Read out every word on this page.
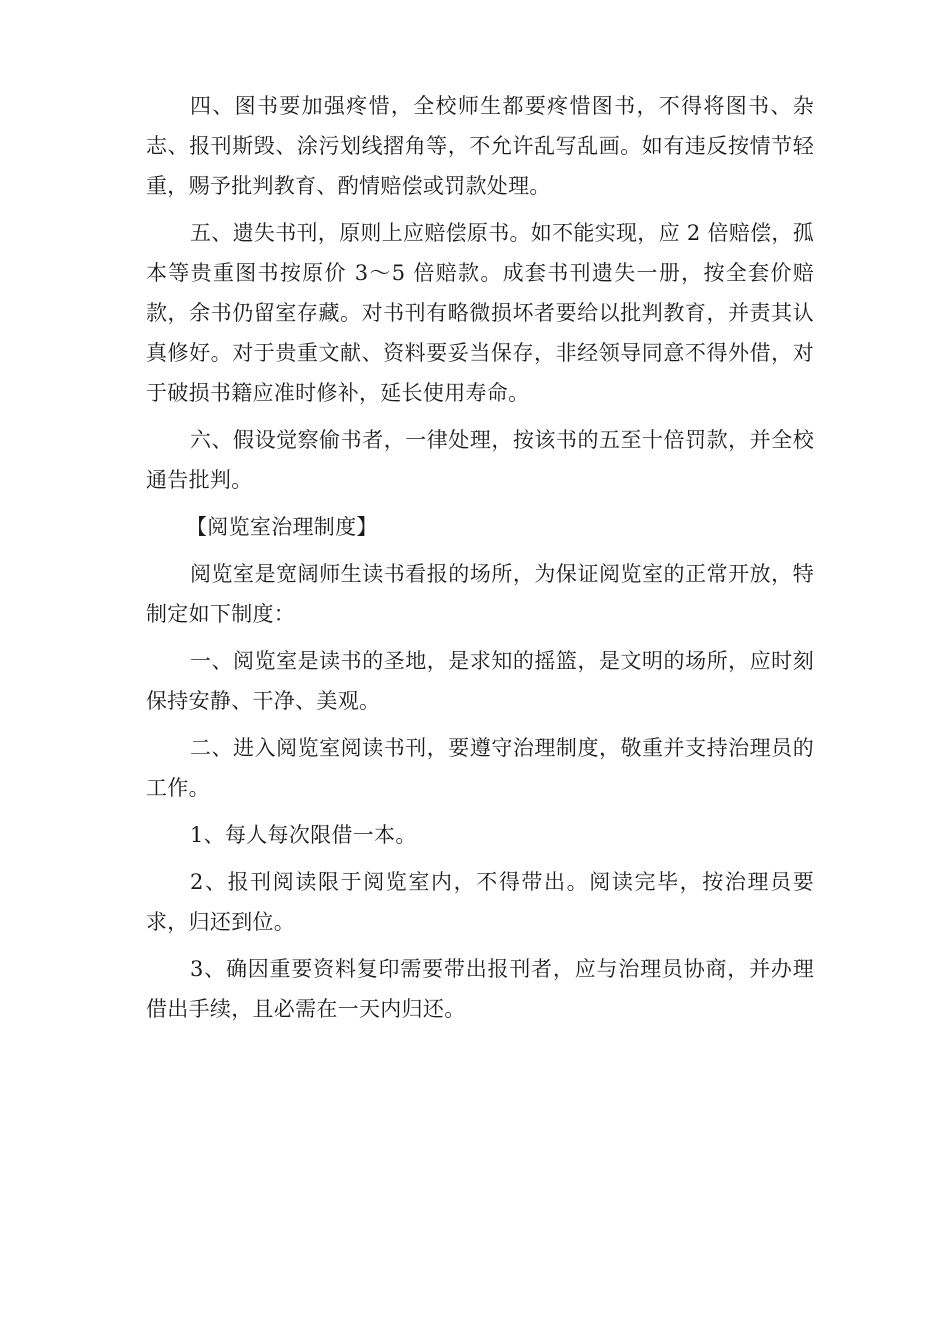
四、图书要加强疼惜，全校师生都要疼惜图书，不得将图书、杂志、报刊斯毁、涂污划线摺角等，不允许乱写乱画。如有违反按情节轻重，赐予批判教育、酌情赔偿或罚款处理。

五、遗失书刊，原则上应赔偿原书。如不能实现，应 2 倍赔偿，孤本等贵重图书按原价 3～5 倍赔款。成套书刊遗失一册，按全套价赔款，余书仍留室存藏。对书刊有略微损坏者要给以批判教育，并责其认真修好。对于贵重文献、资料要妥当保存，非经领导同意不得外借，对于破损书籍应准时修补，延长使用寿命。

六、假设觉察偷书者，一律处理，按该书的五至十倍罚款，并全校通告批判。

【阅览室治理制度】

阅览室是宽阔师生读书看报的场所，为保证阅览室的正常开放，特制定如下制度：

一、阅览室是读书的圣地，是求知的摇篮，是文明的场所，应时刻保持安静、干净、美观。

二、进入阅览室阅读书刊，要遵守治理制度，敬重并支持治理员的工作。

1、每人每次限借一本。

2、报刊阅读限于阅览室内，不得带出。阅读完毕，按治理员要求，归还到位。

3、确因重要资料复印需要带出报刊者，应与治理员协商，并办理借出手续，且必需在一天内归还。
